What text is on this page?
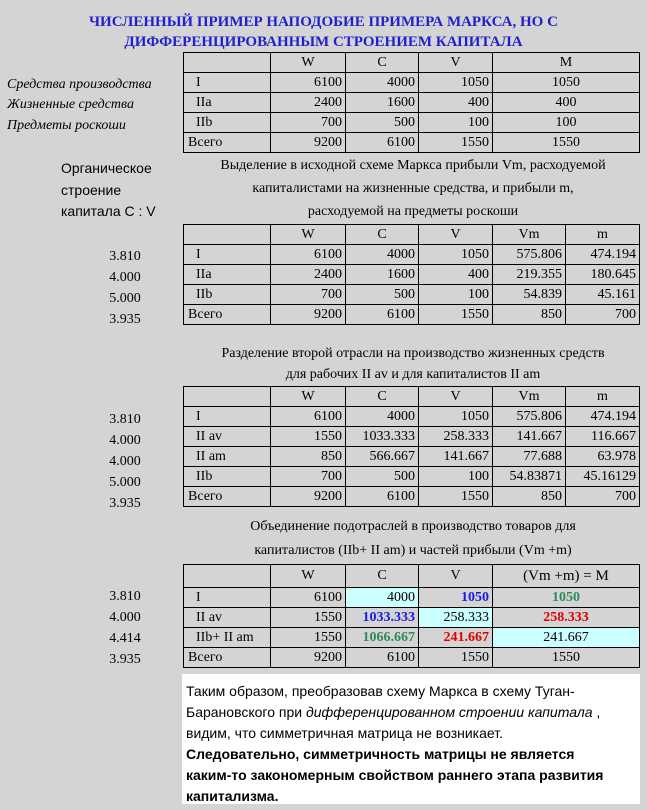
ЧИСЛЕННЫЙ ПРИМЕР НАПОДОБИЕ ПРИМЕРА МАРКСА, НО С
ДИФФЕРЕНЦИРОВАННЫМ СТРОЕНИЕМ КАПИТАЛА
Средства производства
Жизненные средства
Предметы роскоши
	W	C	V	M
I	6100	4000	1050	1050
IIa	2400	1600	400	400
IIb	700	500	100	100
Всего	9200	6100	1550	1550
Органическое
строение
капитала C : V
Выделение в исходной схеме Маркса прибыли Vm, расходуемой
капиталистами на жизненные средства, и прибыли m,
расходуемой на предметы роскоши
3.810
4.000
5.000
3.935
	W	C	V	Vm	m
I	6100	4000	1050	575.806	474.194
IIa	2400	1600	400	219.355	180.645
IIb	700	500	100	54.839	45.161
Всего	9200	6100	1550	850	700
Разделение второй отрасли на производство жизненных средств
для рабочих II av и для капиталистов II am
3.810
4.000
4.000
5.000
3.935
	W	C	V	Vm	m
I	6100	4000	1050	575.806	474.194
II av	1550	1033.333	258.333	141.667	116.667
II am	850	566.667	141.667	77.688	63.978
IIb	700	500	100	54.83871	45.16129
Всего	9200	6100	1550	850	700
Объединение подотраслей в производство товаров для
капиталистов (IIb+ II am) и частей прибыли (Vm +m)
3.810
4.000
4.414
3.935
	W	C	V	(Vm +m) = M
I	6100	4000	1050	1050
II av	1550	1033.333	258.333	258.333
IIb+ II am	1550	1066.667	241.667	241.667
Всего	9200	6100	1550	1550
Таким образом, преобразовав схему Маркса в схему Туган-
Барановского при дифференцированном строении капитала ,
видим, что симметричная матрица не возникает.
Следовательно, симметричность матрицы не является
каким-то закономерным свойством раннего этапа развития
капитализма.
